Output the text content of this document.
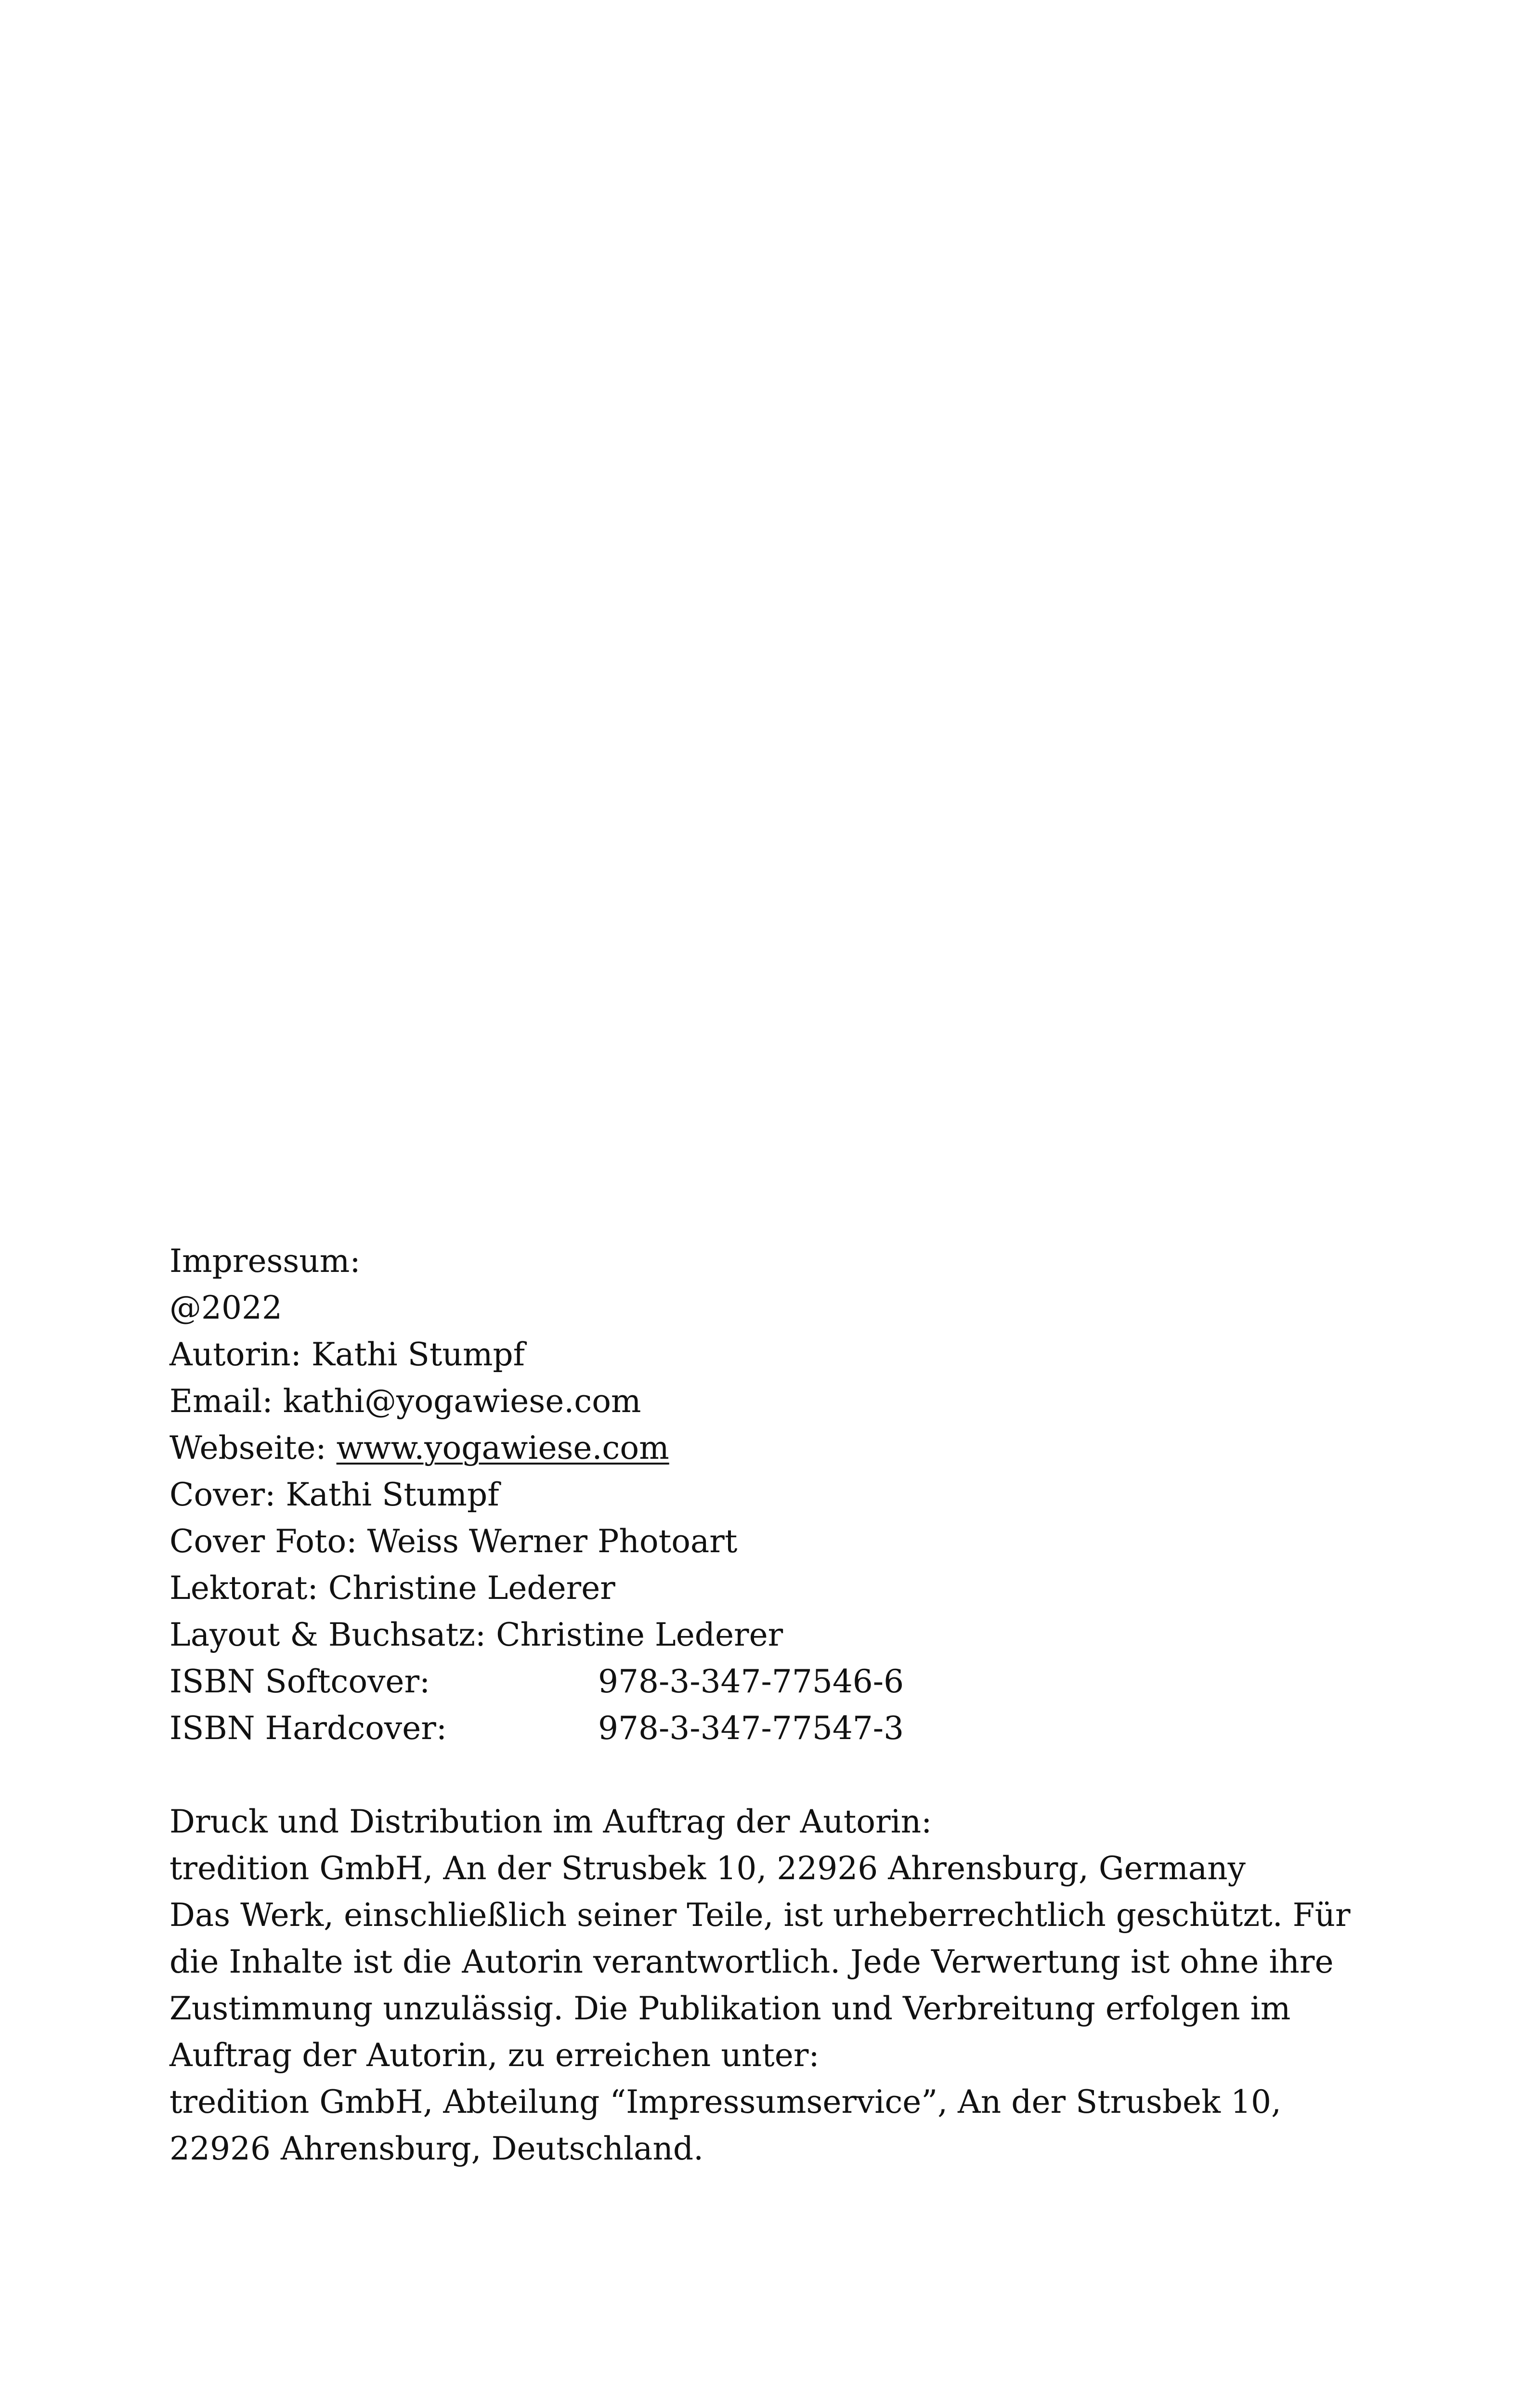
Impressum:
@2022
Autorin: Kathi Stumpf
Email: kathi@yogawiese.com
Webseite: www.yogawiese.com
Cover: Kathi Stumpf
Cover Foto: Weiss Werner Photoart
Lektorat: Christine Lederer
Layout & Buchsatz: Christine Lederer
ISBN Softcover:	978-3-347-77546-6
ISBN Hardcover:	978-3-347-77547-3
Druck und Distribution im Auftrag der Autorin:
tredition GmbH, An der Strusbek 10, 22926 Ahrensburg, Germany
Das Werk, einschließlich seiner Teile, ist urheberrechtlich geschützt. Für
die Inhalte ist die Autorin verantwortlich. Jede Verwertung ist ohne ihre
Zustimmung unzulässig. Die Publikation und Verbreitung erfolgen im
Auftrag der Autorin, zu erreichen unter:
tredition GmbH, Abteilung “Impressumservice”, An der Strusbek 10,
22926 Ahrensburg, Deutschland.
